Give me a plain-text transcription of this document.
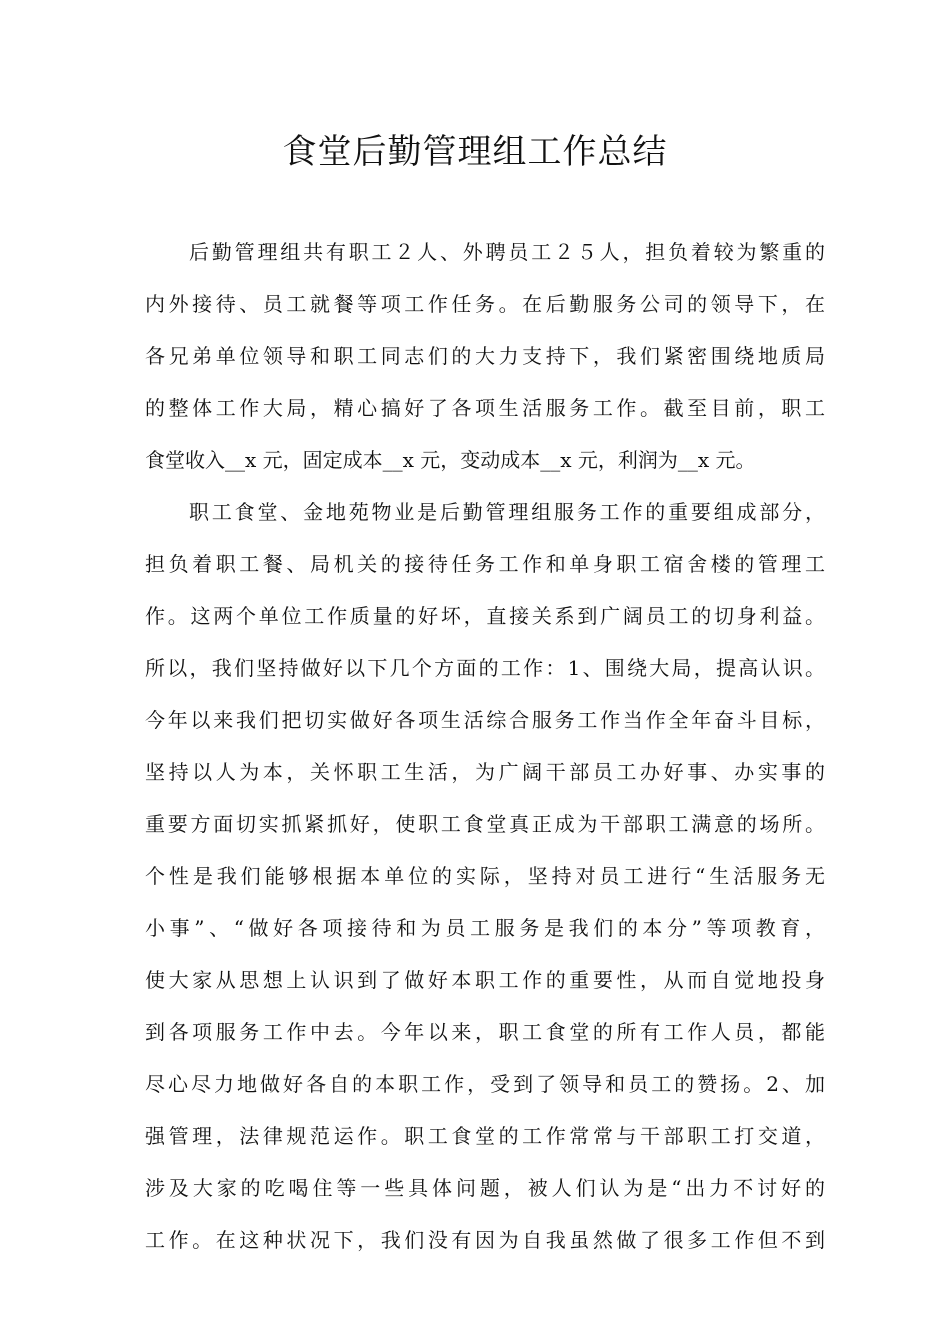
食堂后勤管理组工作总结
后勤管理组共有职工２人、外聘员工２５人，担负着较为繁重的
内外接待、员工就餐等项工作任务。在后勤服务公司的领导下，在
各兄弟单位领导和职工同志们的大力支持下，我们紧密围绕地质局
的整体工作大局，精心搞好了各项生活服务工作。截至目前，职工
食堂收入__x 元，固定成本__x 元，变动成本__x 元，利润为__x 元。
职工食堂、金地苑物业是后勤管理组服务工作的重要组成部分，
担负着职工餐、局机关的接待任务工作和单身职工宿舍楼的管理工
作。这两个单位工作质量的好坏，直接关系到广阔员工的切身利益。
所以，我们坚持做好以下几个方面的工作：1、围绕大局，提高认识。
今年以来我们把切实做好各项生活综合服务工作当作全年奋斗目标，
坚持以人为本，关怀职工生活，为广阔干部员工办好事、办实事的
重要方面切实抓紧抓好，使职工食堂真正成为干部职工满意的场所。
个性是我们能够根据本单位的实际，坚持对员工进行“生活服务无
小事”、“做好各项接待和为员工服务是我们的本分”等项教育，
使大家从思想上认识到了做好本职工作的重要性，从而自觉地投身
到各项服务工作中去。今年以来，职工食堂的所有工作人员，都能
尽心尽力地做好各自的本职工作，受到了领导和员工的赞扬。2、加
强管理，法律规范运作。职工食堂的工作常常与干部职工打交道，
涉及大家的吃喝住等一些具体问题，被人们认为是“出力不讨好的
工作。在这种状况下，我们没有因为自我虽然做了很多工作但不到
